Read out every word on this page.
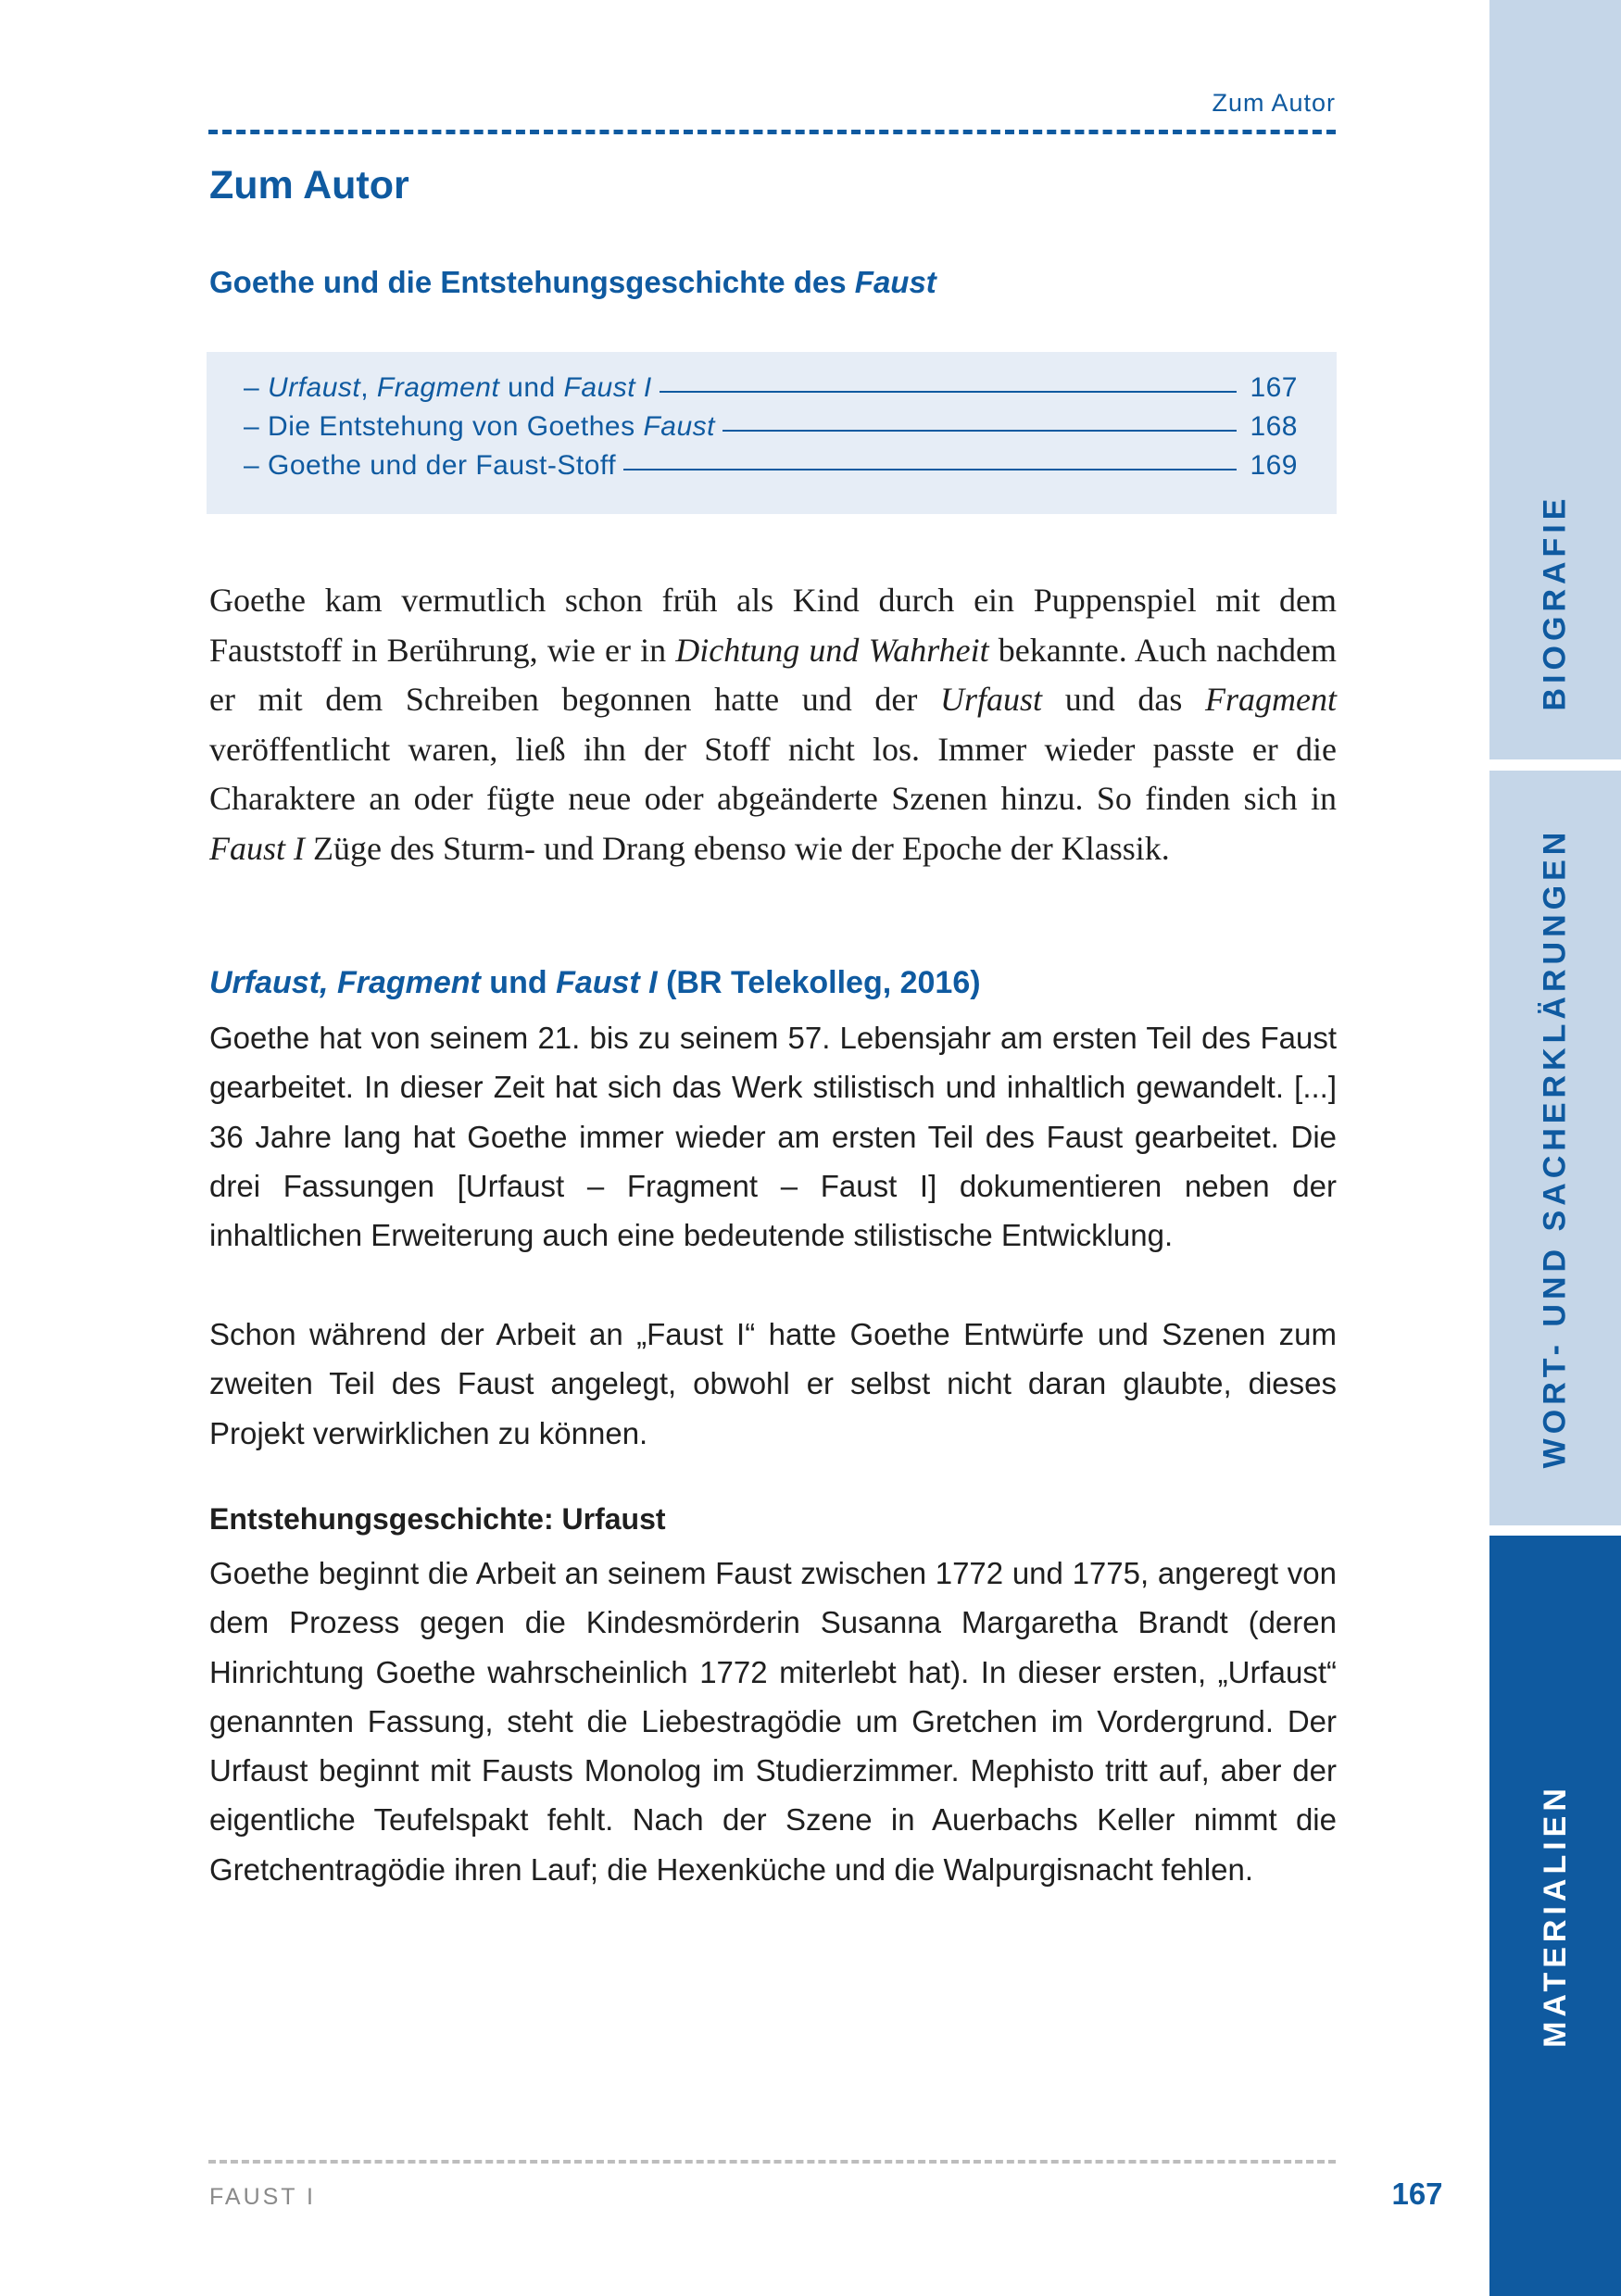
Zum Autor
Zum Autor
Goethe und die Entstehungsgeschichte des Faust
– Urfaust, Fragment und Faust I	167
– Die Entstehung von Goethes Faust	168
– Goethe und der Faust-Stoff	169

Goethe kam vermutlich schon früh als Kind durch ein Puppenspiel mit dem Fauststoff in Berührung, wie er in Dichtung und Wahrheit bekannte. Auch nachdem er mit dem Schreiben begonnen hatte und der Urfaust und das Fragment veröffentlicht waren, ließ ihn der Stoff nicht los. Immer wieder passte er die Charaktere an oder fügte neue oder abgeänderte Szenen hinzu. So finden sich in Faust I Züge des Sturm- und Drang ebenso wie der Epoche der Klassik.

Urfaust, Fragment und Faust I (BR Telekolleg, 2016)

Goethe hat von seinem 21. bis zu seinem 57. Lebensjahr am ersten Teil des Faust gearbeitet. In dieser Zeit hat sich das Werk stilistisch und inhaltlich gewandelt. [...] 36 Jahre lang hat Goethe immer wieder am ersten Teil des Faust gearbeitet. Die drei Fassungen [Urfaust – Fragment – Faust I] dokumentieren neben der inhaltlichen Erweiterung auch eine bedeutende stilistische Entwicklung.

Schon während der Arbeit an „Faust I“ hatte Goethe Entwürfe und Szenen zum zweiten Teil des Faust angelegt, obwohl er selbst nicht daran glaubte, dieses Projekt verwirklichen zu können.

Entstehungsgeschichte: Urfaust

Goethe beginnt die Arbeit an seinem Faust zwischen 1772 und 1775, angeregt von dem Prozess gegen die Kindesmörderin Susanna Margaretha Brandt (deren Hinrichtung Goethe wahrscheinlich 1772 miterlebt hat). In dieser ersten, „Urfaust“ genannten Fassung, steht die Liebestragödie um Gretchen im Vordergrund. Der Urfaust beginnt mit Fausts Monolog im Studierzimmer. Mephisto tritt auf, aber der eigentliche Teufelspakt fehlt. Nach der Szene in Auerbachs Keller nimmt die Gretchentragödie ihren Lauf; die Hexenküche und die Walpurgisnacht fehlen.

FAUST I	167
BIOGRAFIE
WORT- UND SACHERKLÄRUNGEN
MATERIALIEN
